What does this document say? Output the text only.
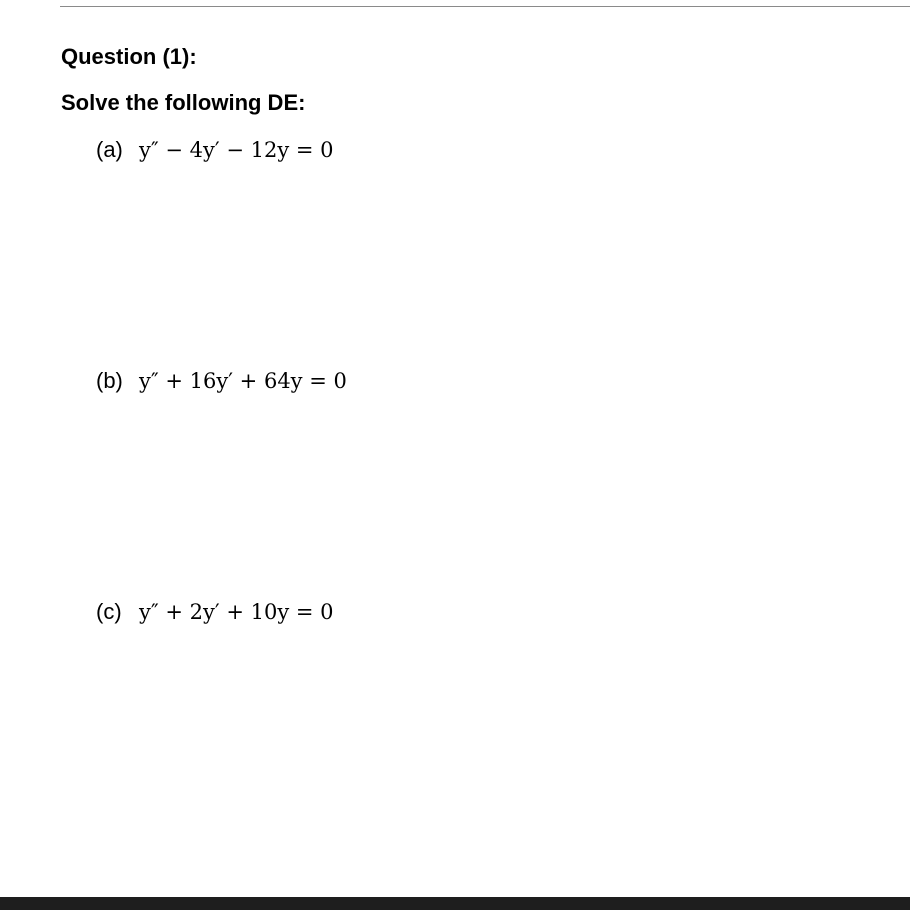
Question (1):
Solve the following DE:
(a) y″ − 4y′ − 12y = 0
(b) y″ + 16y′ + 64y = 0
(c) y″ + 2y′ + 10y = 0
